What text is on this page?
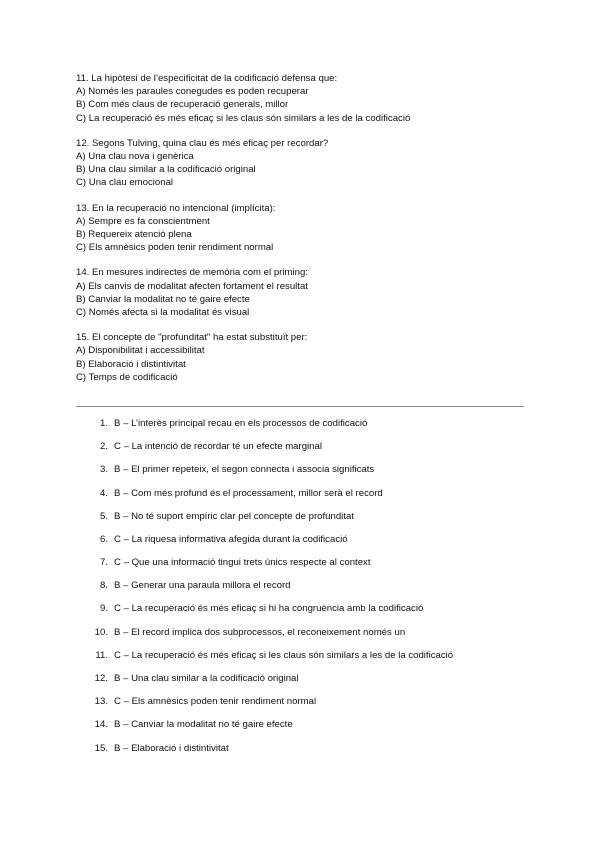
11. La hipòtesi de l’especificitat de la codificació defensa que:

A) Només les paraules conegudes es poden recuperar

B) Com més claus de recuperació generals, millor

C) La recuperació és més eficaç si les claus són similars a les de la codificació

12. Segons Tulving, quina clau és més eficaç per recordar?

A) Una clau nova i genèrica

B) Una clau similar a la codificació original

C) Una clau emocional

13. En la recuperació no intencional (implícita):

A) Sempre es fa conscientment

B) Requereix atenció plena

C) Els amnèsics poden tenir rendiment normal

14. En mesures indirectes de memòria com el priming:

A) Els canvis de modalitat afecten fortament el resultat

B) Canviar la modalitat no té gaire efecte

C) Només afecta si la modalitat és visual

15. El concepte de "profunditat" ha estat substituït per:

A) Disponibilitat i accessibilitat

B) Elaboració i distintivitat

C) Temps de codificació

1. B – L’interès principal recau en els processos de codificació
2. C – La intenció de recordar té un efecte marginal
3. B – El primer repeteix, el segon connecta i associa significats
4. B – Com més profund és el processament, millor serà el record
5. B – No té suport empíric clar pel concepte de profunditat
6. C – La riquesa informativa afegida durant la codificació
7. C – Que una informació tingui trets únics respecte al context
8. B – Generar una paraula millora el record
9. C – La recuperació és més eficaç si hi ha congruència amb la codificació
10. B – El record implica dos subprocessos, el reconeixement només un
11. C – La recuperació és més eficaç si les claus són similars a les de la codificació
12. B – Una clau similar a la codificació original
13. C – Els amnèsics poden tenir rendiment normal
14. B – Canviar la modalitat no té gaire efecte
15. B – Elaboració i distintivitat
